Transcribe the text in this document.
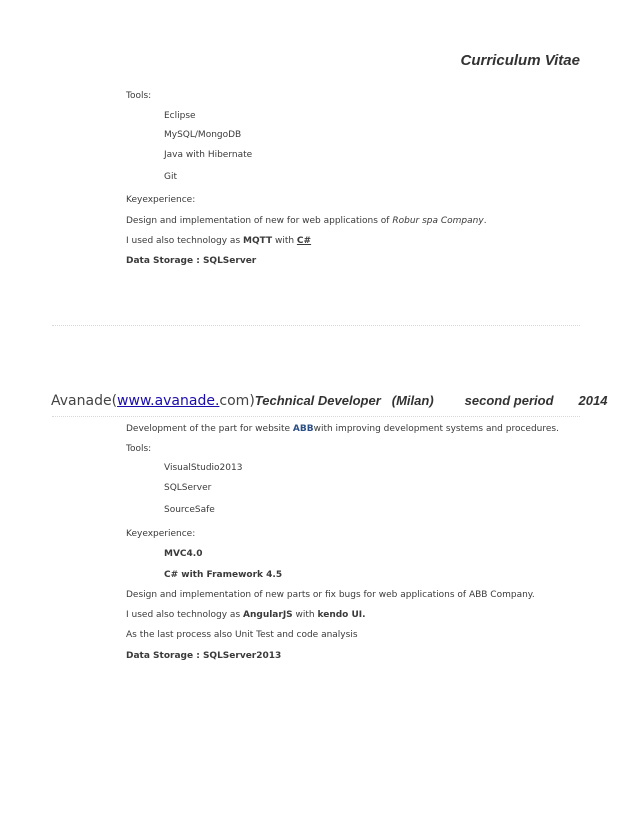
Curriculum Vitae
Tools:
Eclipse
MySQL/MongoDB
Java with Hibernate
Git
Keyexperience:
Design and implementation of new for web applications of Robur spa Company.
I used also technology as MQTT with C#
Data Storage : SQLServer
Avanade(www.avanade.com)Technical Developer (Milan) second period 2014
Development of the part for website ABBwith improving development systems and procedures.
Tools:
VisualStudio2013
SQLServer
SourceSafe
Keyexperience:
MVC4.0
C# with Framework 4.5
Design and implementation of new parts or fix bugs for web applications of ABB Company.
I used also technology as AngularJS with kendo UI.
As the last process also Unit Test and code analysis
Data Storage : SQLServer2013
